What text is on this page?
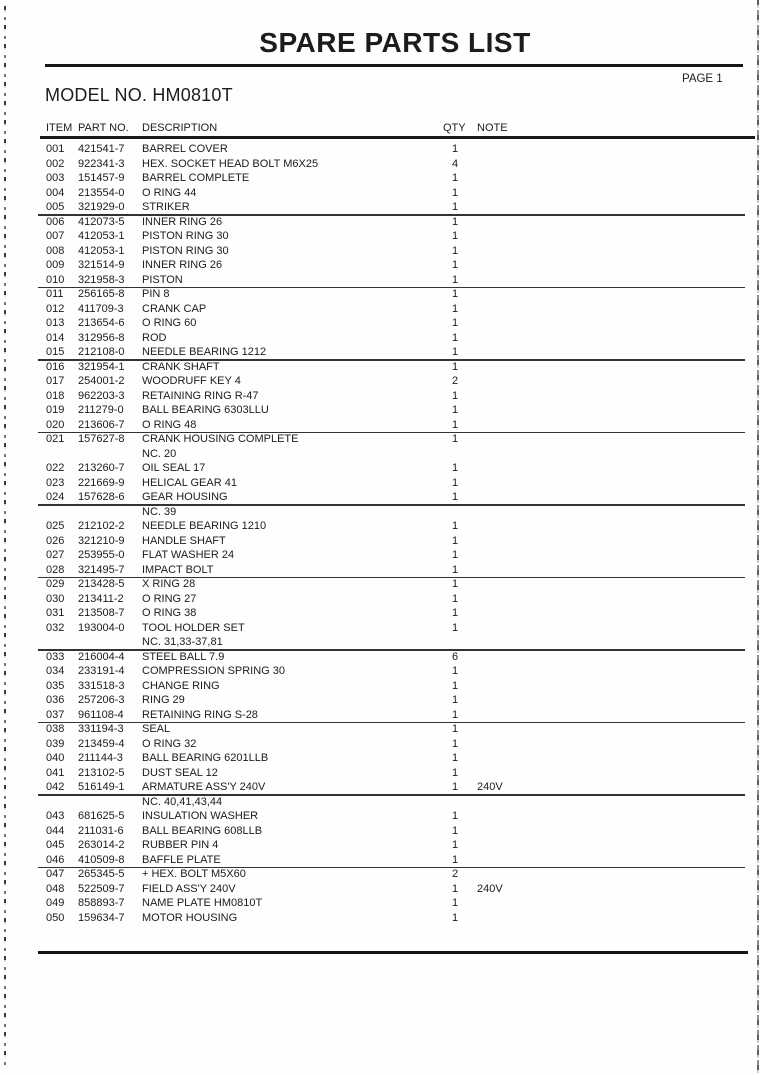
SPARE PARTS LIST
PAGE 1
MODEL NO. HM0810T
ITEM PART NO. DESCRIPTION	QTY NOTE
001 421541-7 BARREL COVER	1
002 922341-3 HEX. SOCKET HEAD BOLT M6X25	4
003 151457-9 BARREL COMPLETE	1
004 213554-0 O RING 44	1
005 321929-0 STRIKER	1
006 412073-5 INNER RING 26	1
007 412053-1 PISTON RING 30	1
008 412053-1 PISTON RING 30	1
009 321514-9 INNER RING 26	1
010 321958-3 PISTON	1
011 256165-8 PIN 8	1
012 411709-3 CRANK CAP	1
013 213654-6 O RING 60	1
014 312956-8 ROD	1
015 212108-0 NEEDLE BEARING 1212	1
016 321954-1 CRANK SHAFT	1
017 254001-2 WOODRUFF KEY 4	2
018 962203-3 RETAINING RING R-47	1
019 211279-0 BALL BEARING 6303LLU	1
020 213606-7 O RING 48	1
021 157627-8 CRANK HOUSING COMPLETE	1
NC. 20
022 213260-7 OIL SEAL 17	1
023 221669-9 HELICAL GEAR 41	1
024 157628-6 GEAR HOUSING	1
NC. 39
025 212102-2 NEEDLE BEARING 1210	1
026 321210-9 HANDLE SHAFT	1
027 253955-0 FLAT WASHER 24	1
028 321495-7 IMPACT BOLT	1
029 213428-5 X RING 28	1
030 213411-2 O RING 27	1
031 213508-7 O RING 38	1
032 193004-0 TOOL HOLDER SET	1
NC. 31,33-37,81
033 216004-4 STEEL BALL 7.9	6
034 233191-4 COMPRESSION SPRING 30	1
035 331518-3 CHANGE RING	1
036 257206-3 RING 29	1
037 961108-4 RETAINING RING S-28	1
038 331194-3 SEAL	1
039 213459-4 O RING 32	1
040 211144-3 BALL BEARING 6201LLB	1
041 213102-5 DUST SEAL 12	1
042 516149-1 ARMATURE ASS'Y 240V	1	240V
NC. 40,41,43,44
043 681625-5 INSULATION WASHER	1
044 211031-6 BALL BEARING 608LLB	1
045 263014-2 RUBBER PIN 4	1
046 410509-8 BAFFLE PLATE	1
047 265345-5 + HEX. BOLT M5X60	2
048 522509-7 FIELD ASS'Y 240V	1	240V
049 858893-7 NAME PLATE HM0810T	1
050 159634-7 MOTOR HOUSING	1
